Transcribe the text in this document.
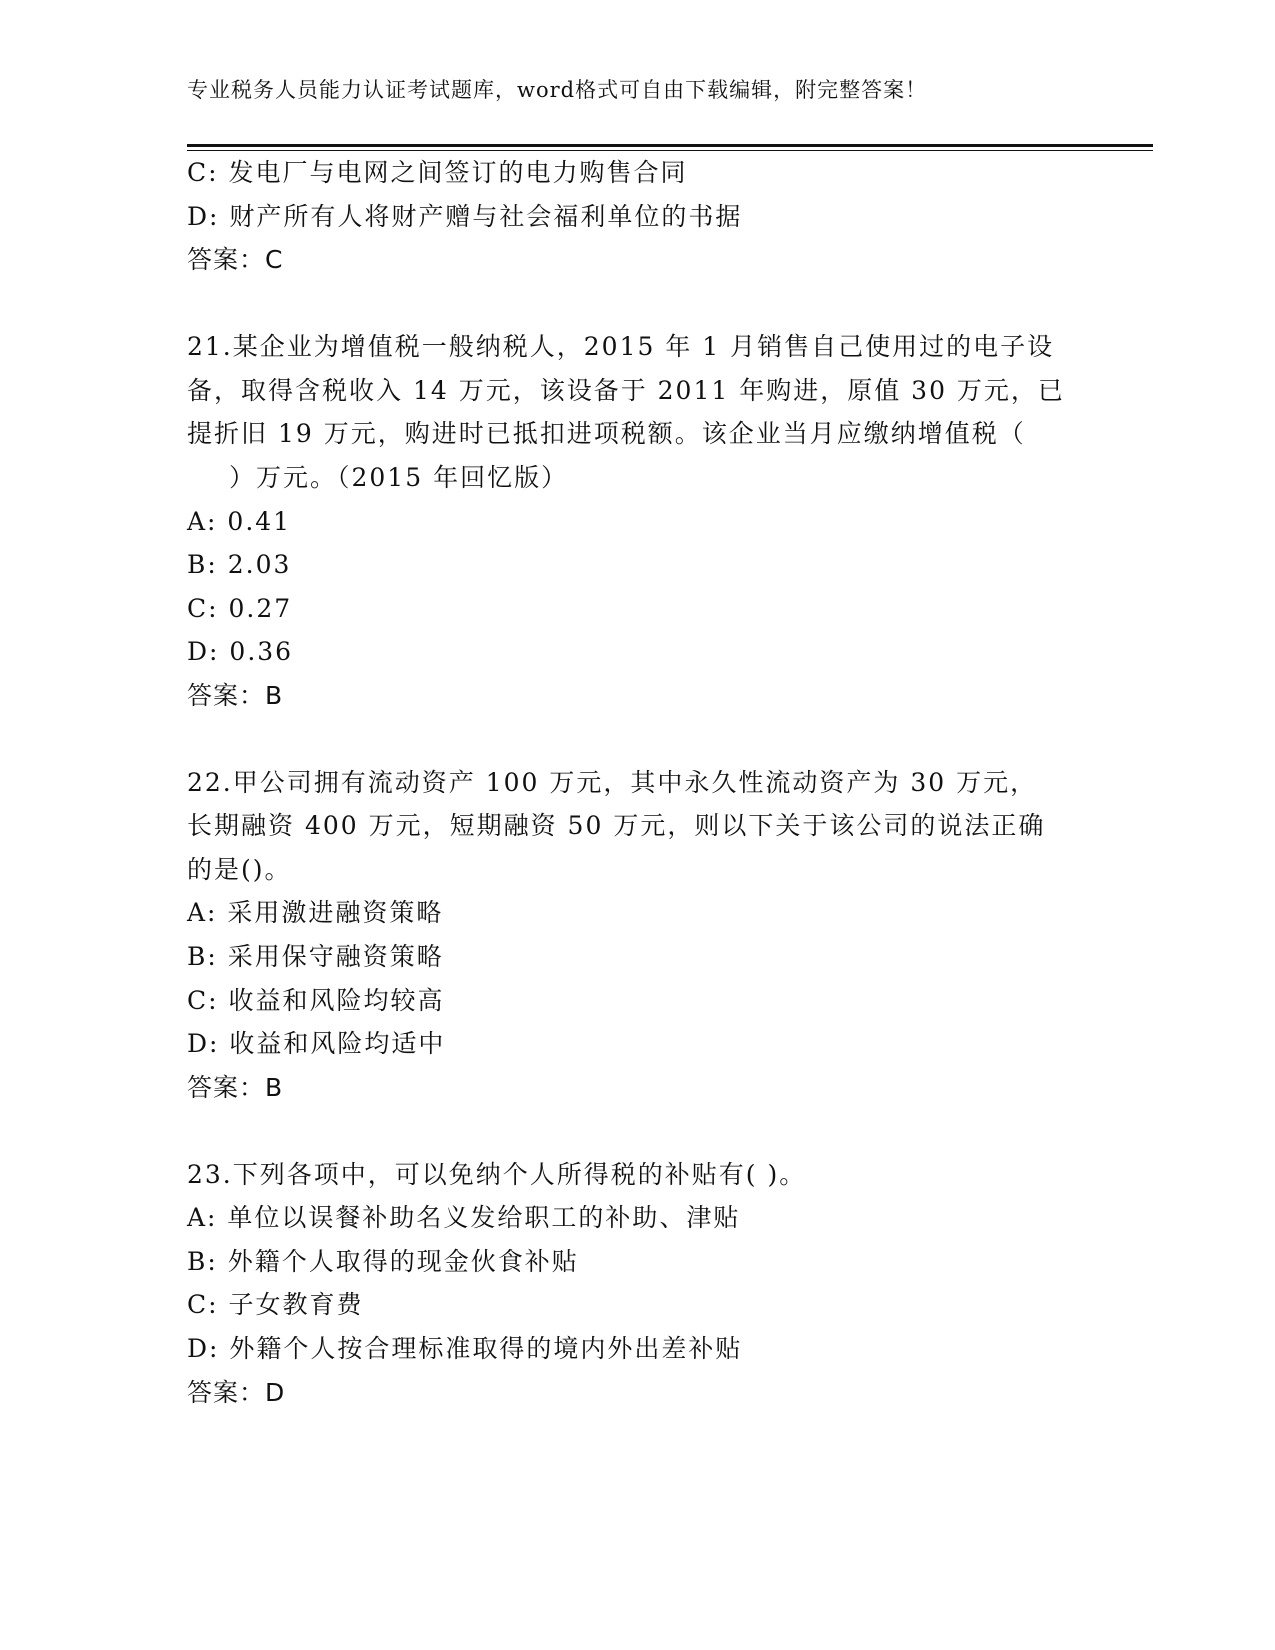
专业税务人员能力认证考试题库，word格式可自由下载编辑，附完整答案！
C: 发电厂与电网之间签订的电力购售合同
D: 财产所有人将财产赠与社会福利单位的书据
答案：C
21.某企业为增值税一般纳税人，2015 年 1 月销售自己使用过的电子设
备，取得含税收入 14 万元，该设备于 2011 年购进，原值 30 万元，已
提折旧 19 万元，购进时已抵扣进项税额。该企业当月应缴纳增值税（
）万元。（2015 年回忆版）
A: 0.41
B: 2.03
C: 0.27
D: 0.36
答案：B
22.甲公司拥有流动资产 100 万元，其中永久性流动资产为 30 万元，
长期融资 400 万元，短期融资 50 万元，则以下关于该公司的说法正确
的是()。
A: 采用激进融资策略
B: 采用保守融资策略
C: 收益和风险均较高
D: 收益和风险均适中
答案：B
23.下列各项中，可以免纳个人所得税的补贴有( )。
A: 单位以误餐补助名义发给职工的补助、津贴
B: 外籍个人取得的现金伙食补贴
C: 子女教育费
D: 外籍个人按合理标准取得的境内外出差补贴
答案：D
